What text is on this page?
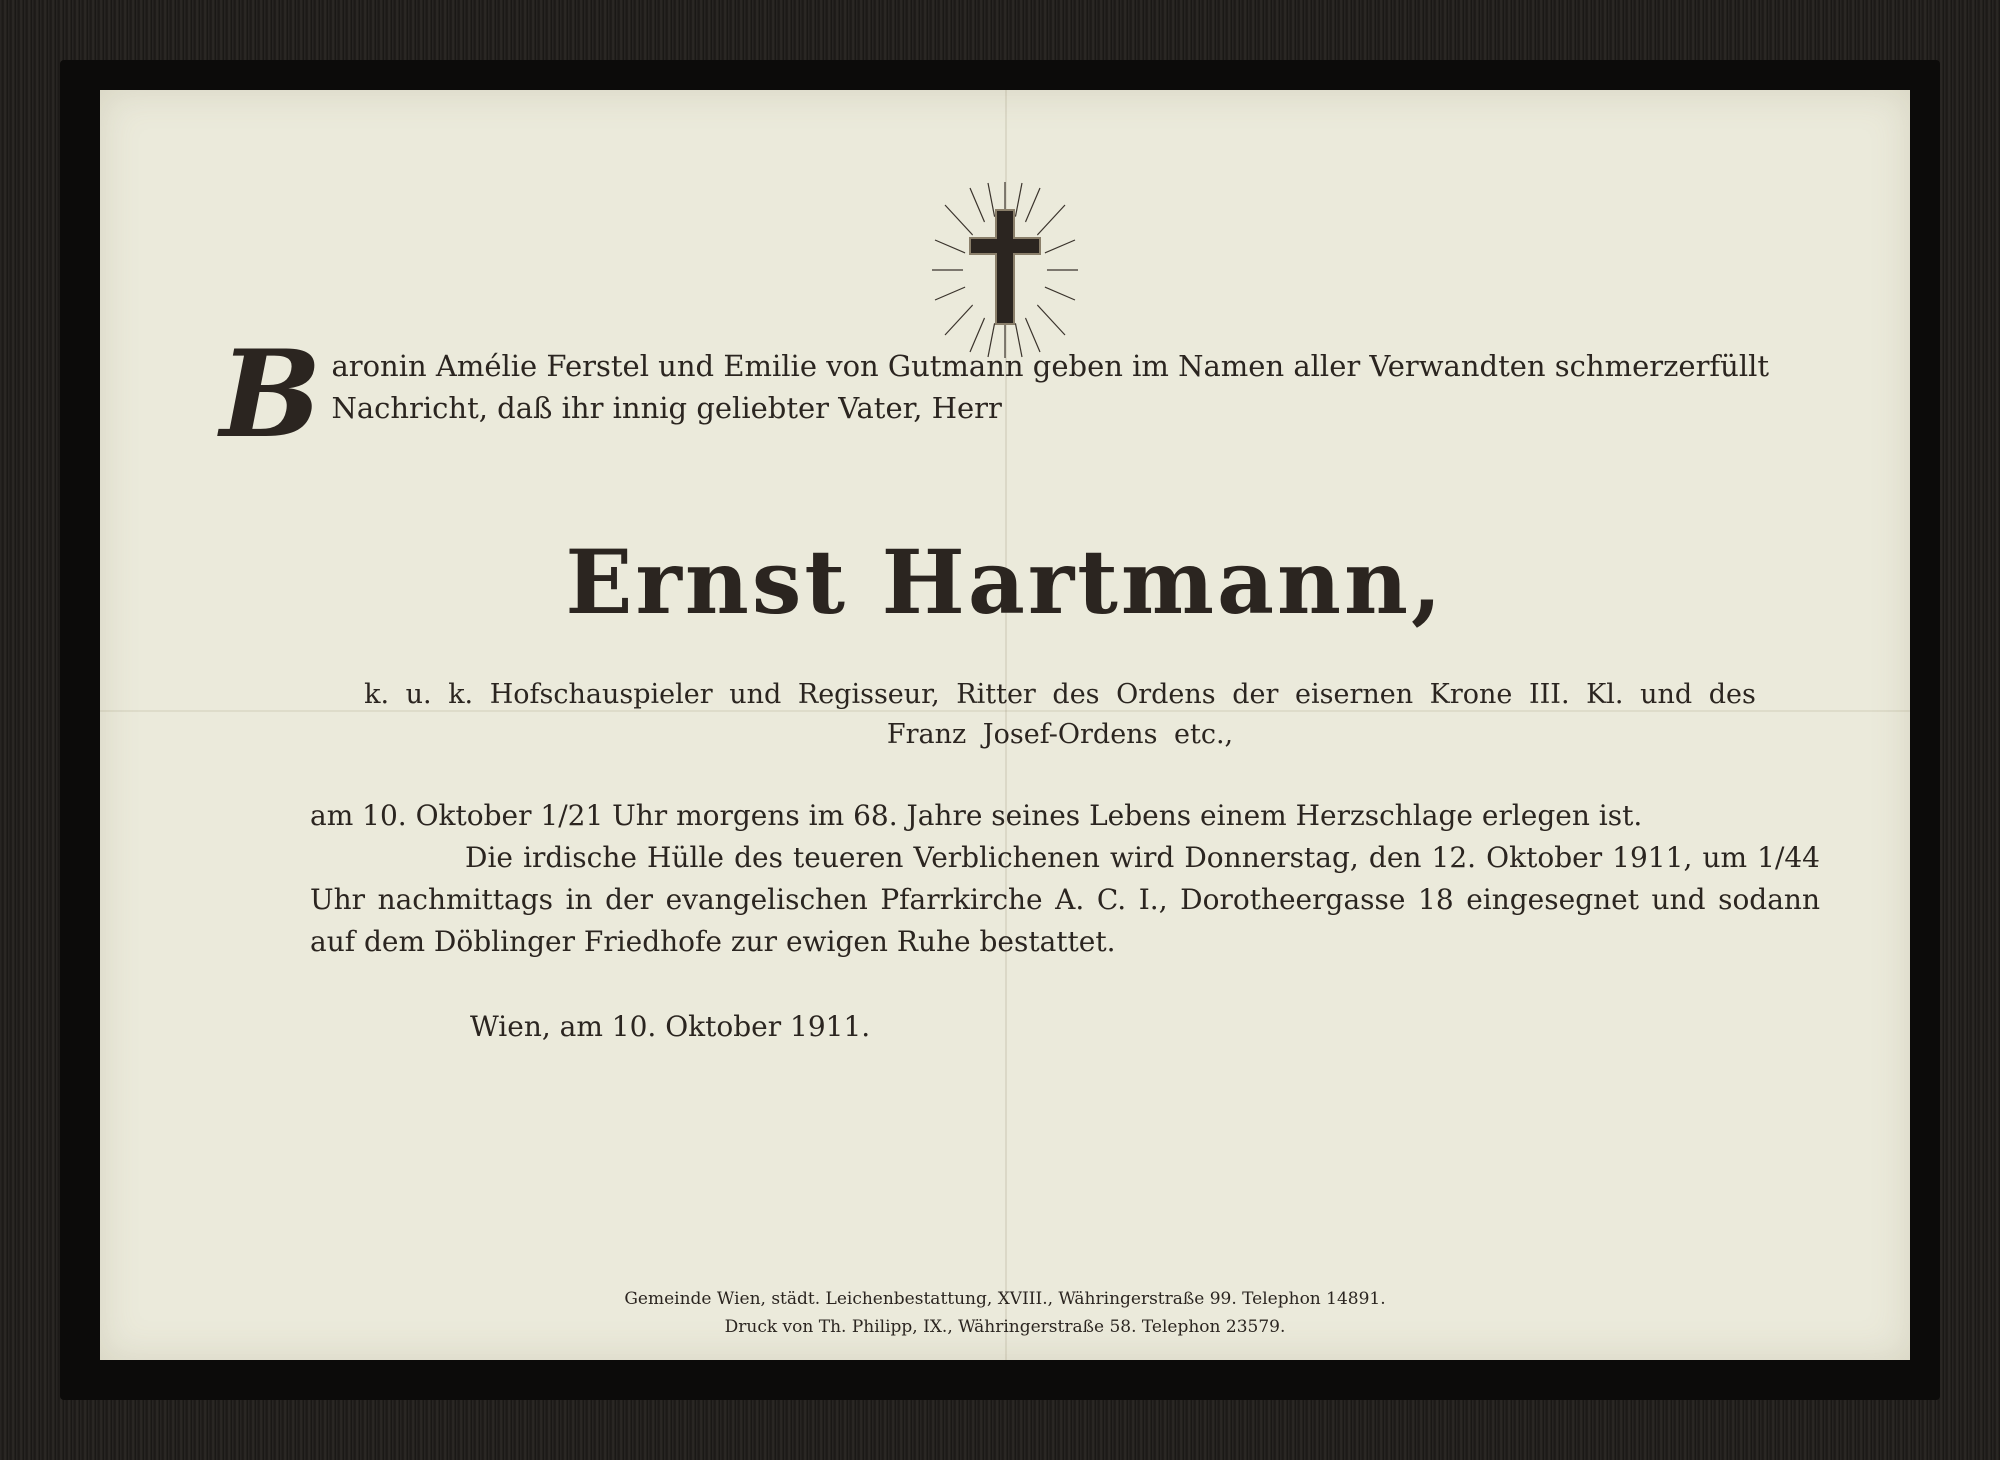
B aronin Amélie Ferstel und Emilie von Gutmann geben im Namen aller Verwandten schmerzerfüllt Nachricht, daß ihr innig geliebter Vater, Herr
Ernst Hartmann,
k. u. k. Hofschauspieler und Regisseur, Ritter des Ordens der eisernen Krone III. Kl. und des
Franz Josef-Ordens etc.,

am 10. Oktober 1/21 Uhr morgens im 68. Jahre seines Lebens einem Herzschlage erlegen ist.

Die irdische Hülle des teueren Verblichenen wird Donnerstag, den 12. Oktober 1911, um 1/44 Uhr nachmittags in der evangelischen Pfarrkirche A. C. I., Dorotheergasse 18 eingesegnet und sodann auf dem Döblinger Friedhofe zur ewigen Ruhe bestattet.

Wien, am 10. Oktober 1911.
Gemeinde Wien, städt. Leichenbestattung, XVIII., Währingerstraße 99. Telephon 14891.
Druck von Th. Philipp, IX., Währingerstraße 58. Telephon 23579.
